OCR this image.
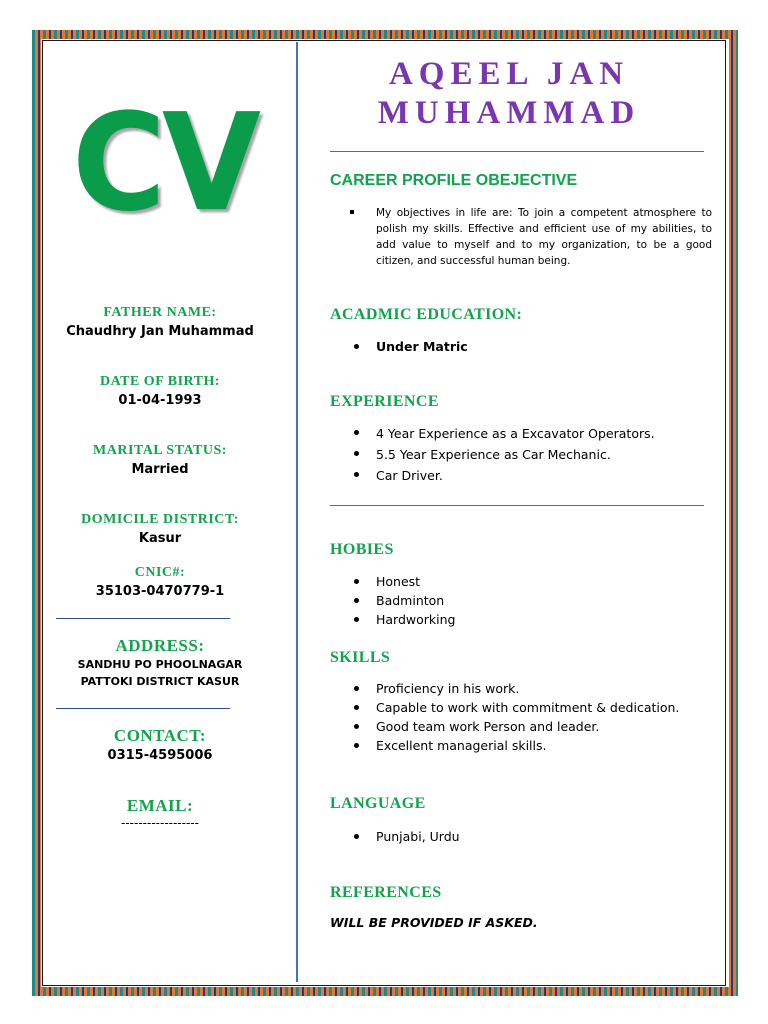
CV
FATHER NAME:
Chaudhry Jan Muhammad
DATE OF BIRTH:
01-04-1993
MARITAL STATUS:
Married
DOMICILE DISTRICT:
Kasur
CNIC#:
35103-0470779-1
ADDRESS:
SANDHU PO PHOOLNAGAR
PATTOKI DISTRICT KASUR
CONTACT:
0315-4595006
EMAIL:
------------------
AQEEL JAN
MUHAMMAD
CAREER PROFILE OBEJECTIVE

My objectives in life are: To join a competent atmosphere to polish my skills. Effective and efficient use of my abilities, to add value to myself and to my organization, to be a good citizen, and successful human being.

ACADMIC EDUCATION:
Under Matric
EXPERIENCE
4 Year Experience as a Excavator Operators.
5.5 Year Experience as Car Mechanic.
Car Driver.
HOBIES
Honest
Badminton
Hardworking
SKILLS
Proficiency in his work.
Capable to work with commitment & dedication.
Good team work Person and leader.
Excellent managerial skills.
LANGUAGE
Punjabi, Urdu
REFERENCES
WILL BE PROVIDED IF ASKED.
